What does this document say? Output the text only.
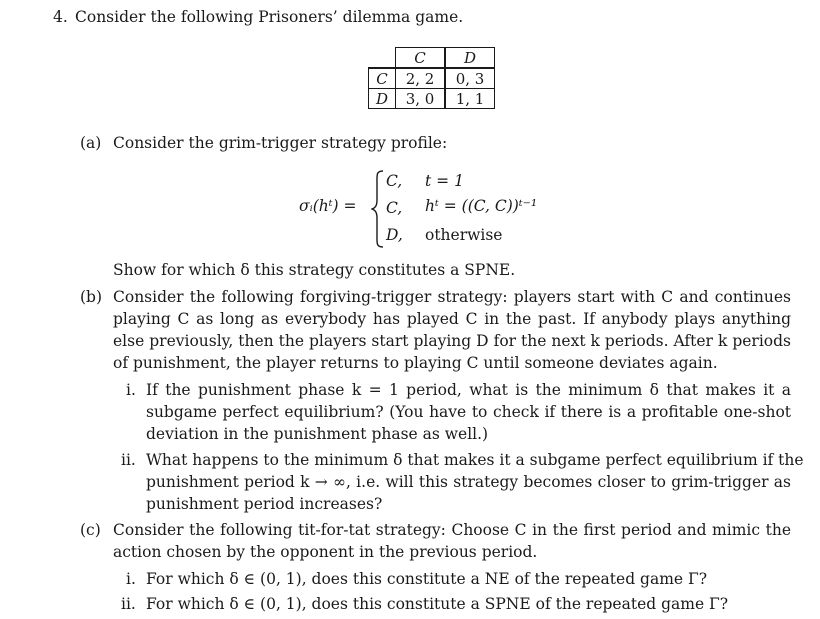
4. Consider the following Prisoners’ dilemma game.
	C	D
C	2, 2	0, 3
D	3, 0	1, 1
(a) Consider the grim-trigger strategy profile:
σᵢ(hᵗ) =
C, t = 1
C, hᵗ = ((C, C))ᵗ⁻¹
D, otherwise
Show for which δ this strategy constitutes a SPNE.
(b) Consider the following forgiving-trigger strategy: players start with C and continues
playing C as long as everybody has played C in the past. If anybody plays anything
else previously, then the players start playing D for the next k periods. After k periods
of punishment, the player returns to playing C until someone deviates again.
i. If the punishment phase k = 1 period, what is the minimum δ that makes it a
subgame perfect equilibrium? (You have to check if there is a profitable one-shot
deviation in the punishment phase as well.)
ii. What happens to the minimum δ that makes it a subgame perfect equilibrium if the
punishment period k → ∞, i.e. will this strategy becomes closer to grim-trigger as
punishment period increases?
(c) Consider the following tit-for-tat strategy: Choose C in the first period and mimic the
action chosen by the opponent in the previous period.
i. For which δ ∈ (0, 1), does this constitute a NE of the repeated game Γ?
ii. For which δ ∈ (0, 1), does this constitute a SPNE of the repeated game Γ?
